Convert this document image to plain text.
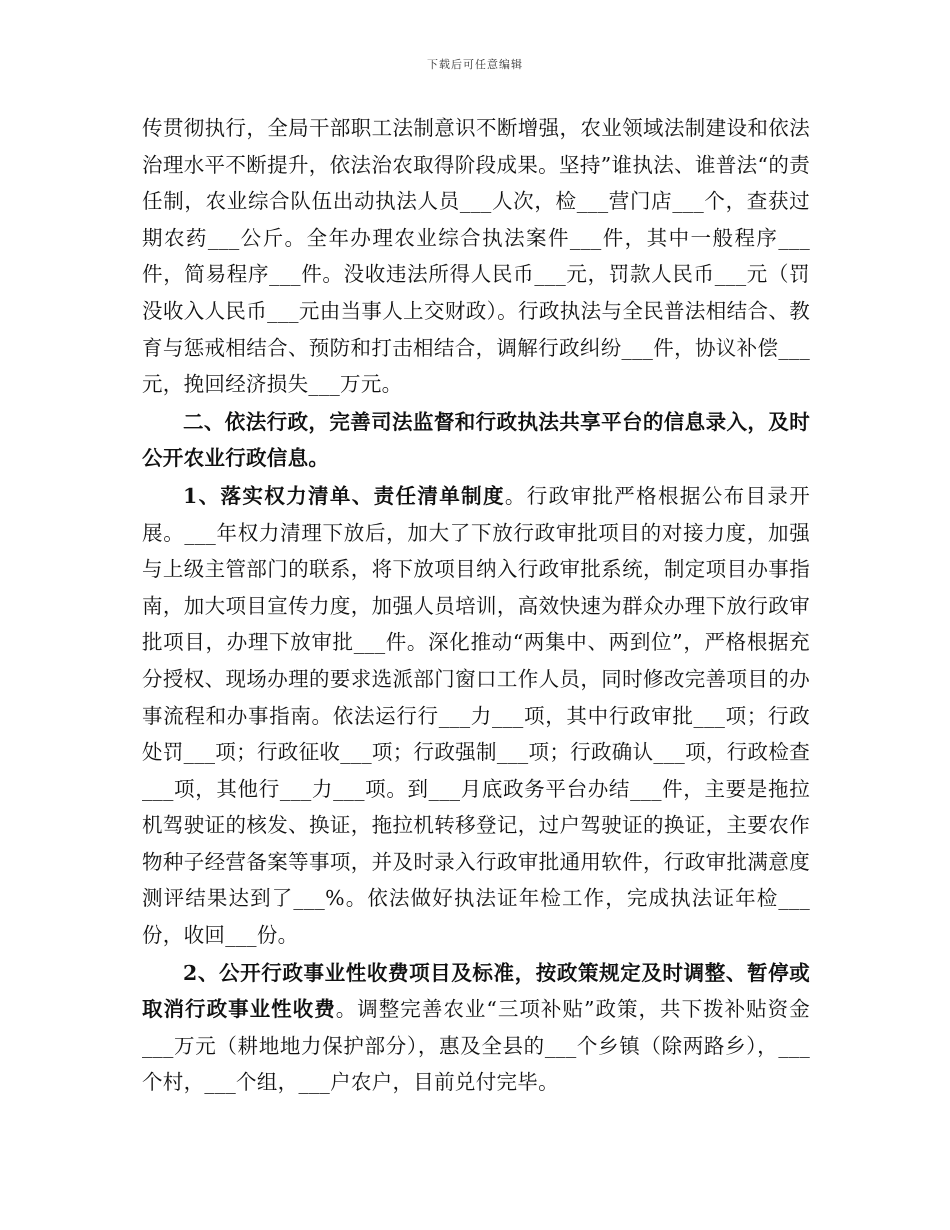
下载后可任意编辑

传贯彻执行，全局干部职工法制意识不断增强，农业领域法制建设和依法治理水平不断提升，依法治农取得阶段成果。坚持”谁执法、谁普法“的责任制，农业综合队伍出动执法人员___人次，检___营门店___个，查获过期农药___公斤。全年办理农业综合执法案件___件，其中一般程序___件，简易程序___件。没收违法所得人民币___元，罚款人民币___元（罚没收入人民币___元由当事人上交财政）。行政执法与全民普法相结合、教育与惩戒相结合、预防和打击相结合，调解行政纠纷___件，协议补偿___元，挽回经济损失___万元。

二、依法行政，完善司法监督和行政执法共享平台的信息录入，及时公开农业行政信息。

1、落实权力清单、责任清单制度。行政审批严格根据公布目录开展。___年权力清理下放后，加大了下放行政审批项目的对接力度，加强与上级主管部门的联系，将下放项目纳入行政审批系统，制定项目办事指南，加大项目宣传力度，加强人员培训，高效快速为群众办理下放行政审批项目，办理下放审批___件。深化推动“两集中、两到位”，严格根据充分授权、现场办理的要求选派部门窗口工作人员，同时修改完善项目的办事流程和办事指南。依法运行行___力___项，其中行政审批___项；行政处罚___项；行政征收___项；行政强制___项；行政确认___项，行政检查___项，其他行___力___项。到___月底政务平台办结___件，主要是拖拉机驾驶证的核发、换证，拖拉机转移登记，过户驾驶证的换证，主要农作物种子经营备案等事项，并及时录入行政审批通用软件，行政审批满意度测评结果达到了___%。依法做好执法证年检工作，完成执法证年检___份，收回___份。

2、公开行政事业性收费项目及标准，按政策规定及时调整、暂停或取消行政事业性收费。调整完善农业“三项补贴”政策，共下拨补贴资金___万元（耕地地力保护部分），惠及全县的___个乡镇（除两路乡），___个村，___个组，___户农户，目前兑付完毕。
